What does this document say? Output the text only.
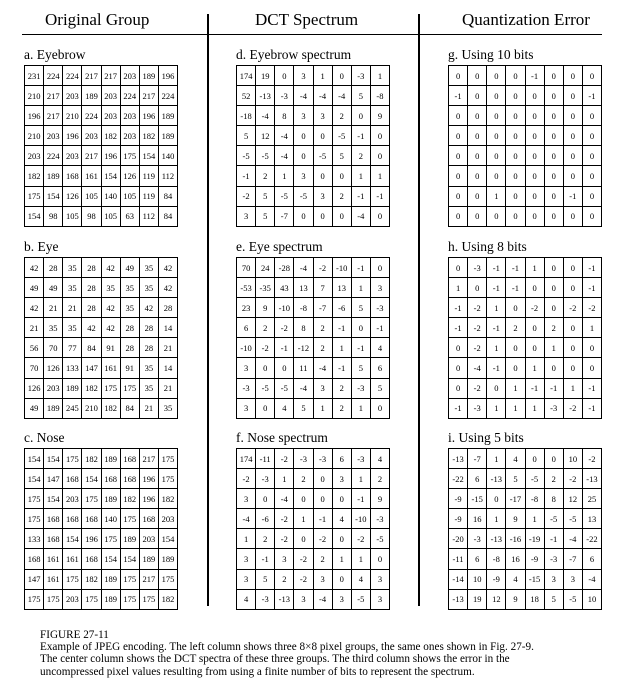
Original Group	DCT Spectrum	Quantization Error
a. Eyebrow
231	224	224	217	217	203	189	196
210	217	203	189	203	224	217	224
196	217	210	224	203	203	196	189
210	203	196	203	182	203	182	189
203	224	203	217	196	175	154	140
182	189	168	161	154	126	119	112
175	154	126	105	140	105	119	84
154	98	105	98	105	63	112	84
b. Eye
42	28	35	28	42	49	35	42
49	49	35	28	35	35	35	42
42	21	21	28	42	35	42	28
21	35	35	42	42	28	28	14
56	70	77	84	91	28	28	21
70	126	133	147	161	91	35	14
126	203	189	182	175	175	35	21
49	189	245	210	182	84	21	35
c. Nose
154	154	175	182	189	168	217	175
154	147	168	154	168	168	196	175
175	154	203	175	189	182	196	182
175	168	168	168	140	175	168	203
133	168	154	196	175	189	203	154
168	161	161	168	154	154	189	189
147	161	175	182	189	175	217	175
175	175	203	175	189	175	175	182
d. Eyebrow spectrum
174	19	0	3	1	0	-3	1
52	-13	-3	-4	-4	-4	5	-8
-18	-4	8	3	3	2	0	9
5	12	-4	0	0	-5	-1	0
-5	-5	-4	0	-5	5	2	0
-1	2	1	3	0	0	1	1
-2	5	-5	-5	3	2	-1	-1
3	5	-7	0	0	0	-4	0
e. Eye spectrum
70	24	-28	-4	-2	-10	-1	0
-53	-35	43	13	7	13	1	3
23	9	-10	-8	-7	-6	5	-3
6	2	-2	8	2	-1	0	-1
-10	-2	-1	-12	2	1	-1	4
3	0	0	11	-4	-1	5	6
-3	-5	-5	-4	3	2	-3	5
3	0	4	5	1	2	1	0
f. Nose spectrum
174	-11	-2	-3	-3	6	-3	4
-2	-3	1	2	0	3	1	2
3	0	-4	0	0	0	-1	9
-4	-6	-2	1	-1	4	-10	-3
1	2	-2	0	-2	0	-2	-5
3	-1	3	-2	2	1	1	0
3	5	2	-2	3	0	4	3
4	-3	-13	3	-4	3	-5	3
g. Using 10 bits
0	0	0	0	-1	0	0	0
-1	0	0	0	0	0	0	-1
0	0	0	0	0	0	0	0
0	0	0	0	0	0	0	0
0	0	0	0	0	0	0	0
0	0	0	0	0	0	0	0
0	0	1	0	0	0	-1	0
0	0	0	0	0	0	0	0
h. Using 8 bits
0	-3	-1	-1	1	0	0	-1
1	0	-1	-1	0	0	0	-1
-1	-2	1	0	-2	0	-2	-2
-1	-2	-1	2	0	2	0	1
0	-2	1	0	0	1	0	0
0	-4	-1	0	1	0	0	0
0	-2	0	1	-1	-1	1	-1
-1	-3	1	1	1	-3	-2	-1
i. Using 5 bits
-13	-7	1	4	0	0	10	-2
-22	6	-13	5	-5	2	-2	-13
-9	-15	0	-17	-8	8	12	25
-9	16	1	9	1	-5	-5	13
-20	-3	-13	-16	-19	-1	-4	-22
-11	6	-8	16	-9	-3	-7	6
-14	10	-9	4	-15	3	3	-4
-13	19	12	9	18	5	-5	10
FIGURE 27-11
Example of JPEG encoding. The left column shows three 8×8 pixel groups, the same ones shown in Fig. 27-9.
The center column shows the DCT spectra of these three groups. The third column shows the error in the
uncompressed pixel values resulting from using a finite number of bits to represent the spectrum.
